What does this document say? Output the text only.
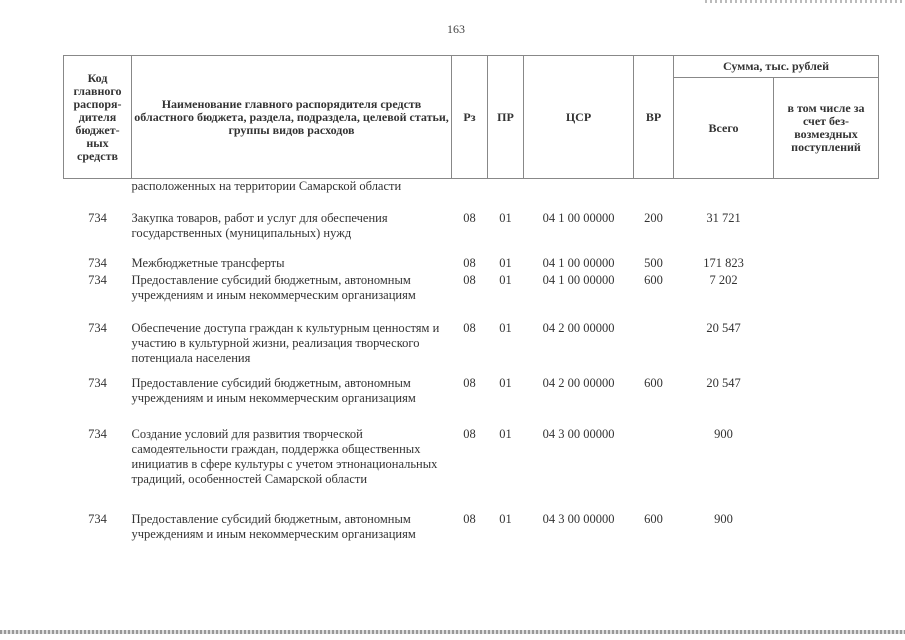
163
Код главного распоря-дителя бюджет-ных средств	Наименование главного распорядителя средств областного бюджета, раздела, подраздела, целевой статьи, группы видов расходов	Рз	ПР	ЦСР	ВР	Сумма, тыс. рублей	
						Всего	в том числе за счет без-возмездных поступлений
	расположенных на территории Самарской области						
734	Закупка товаров, работ и услуг для обеспечения государственных (муниципальных) нужд	08	01	04 1 00 00000	200	31 721	
734	Межбюджетные трансферты	08	01	04 1 00 00000	500	171 823	
734	Предоставление субсидий бюджетным, автономным учреждениям и иным некоммерческим организациям	08	01	04 1 00 00000	600	7 202	
734	Обеспечение доступа граждан к культурным ценностям и участию в культурной жизни, реализация творческого потенциала населения	08	01	04 2 00 00000		20 547	
734	Предоставление субсидий бюджетным, автономным учреждениям и иным некоммерческим организациям	08	01	04 2 00 00000	600	20 547	
734	Создание условий для развития творческой самодеятельности граждан, поддержка общественных инициатив в сфере культуры с учетом этнонациональных традиций, особенностей Самарской области	08	01	04 3 00 00000		900	
734	Предоставление субсидий бюджетным, автономным учреждениям и иным некоммерческим организациям	08	01	04 3 00 00000	600	900	
